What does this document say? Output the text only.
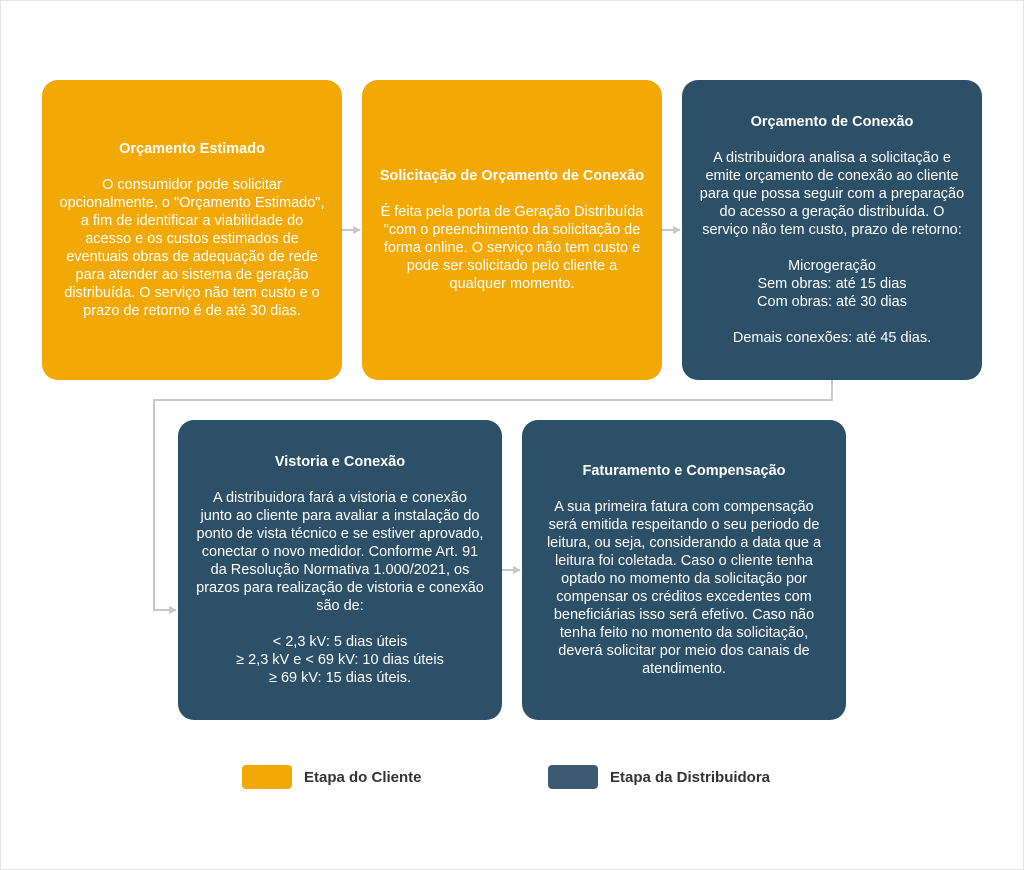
Orçamento Estimado
O consumidor pode solicitar opcionalmente, o "Orçamento Estimado", a fim de identificar a viabilidade do acesso e os custos estimados de eventuais obras de adequação de rede para atender ao sistema de geração distribuída. O serviço não tem custo e o prazo de retorno é de até 30 dias.
Solicitação de Orçamento de Conexão
É feita pela porta de Geração Distribuída "com o preenchimento da solicitação de forma online. O serviço não tem custo e pode ser solicitado pelo cliente a qualquer momento.
Orçamento de Conexão
A distribuidora analisa a solicitação e emite orçamento de conexão ao cliente para que possa seguir com a preparação do acesso a geração distribuída. O serviço não tem custo, prazo de retorno:

Microgeração
Sem obras: até 15 dias
Com obras: até 30 dias

Demais conexões: até 45 dias.
Vistoria e Conexão
A distribuidora fará a vistoria e conexão junto ao cliente para avaliar a instalação do ponto de vista técnico e se estiver aprovado, conectar o novo medidor. Conforme Art. 91 da Resolução Normativa 1.000/2021, os prazos para realização de vistoria e conexão são de:

< 2,3 kV: 5 dias úteis
≥ 2,3 kV e < 69 kV: 10 dias úteis
≥ 69 kV: 15 dias úteis.
Faturamento e Compensação
A sua primeira fatura com compensação será emitida respeitando o seu periodo de leitura, ou seja, considerando a data que a leitura foi coletada. Caso o cliente tenha optado no momento da solicitação por compensar os créditos excedentes com beneficiárias isso será efetivo. Caso não tenha feito no momento da solicitação, deverá solicitar por meio dos canais de atendimento.
Etapa do Cliente	Etapa da Distribuidora
